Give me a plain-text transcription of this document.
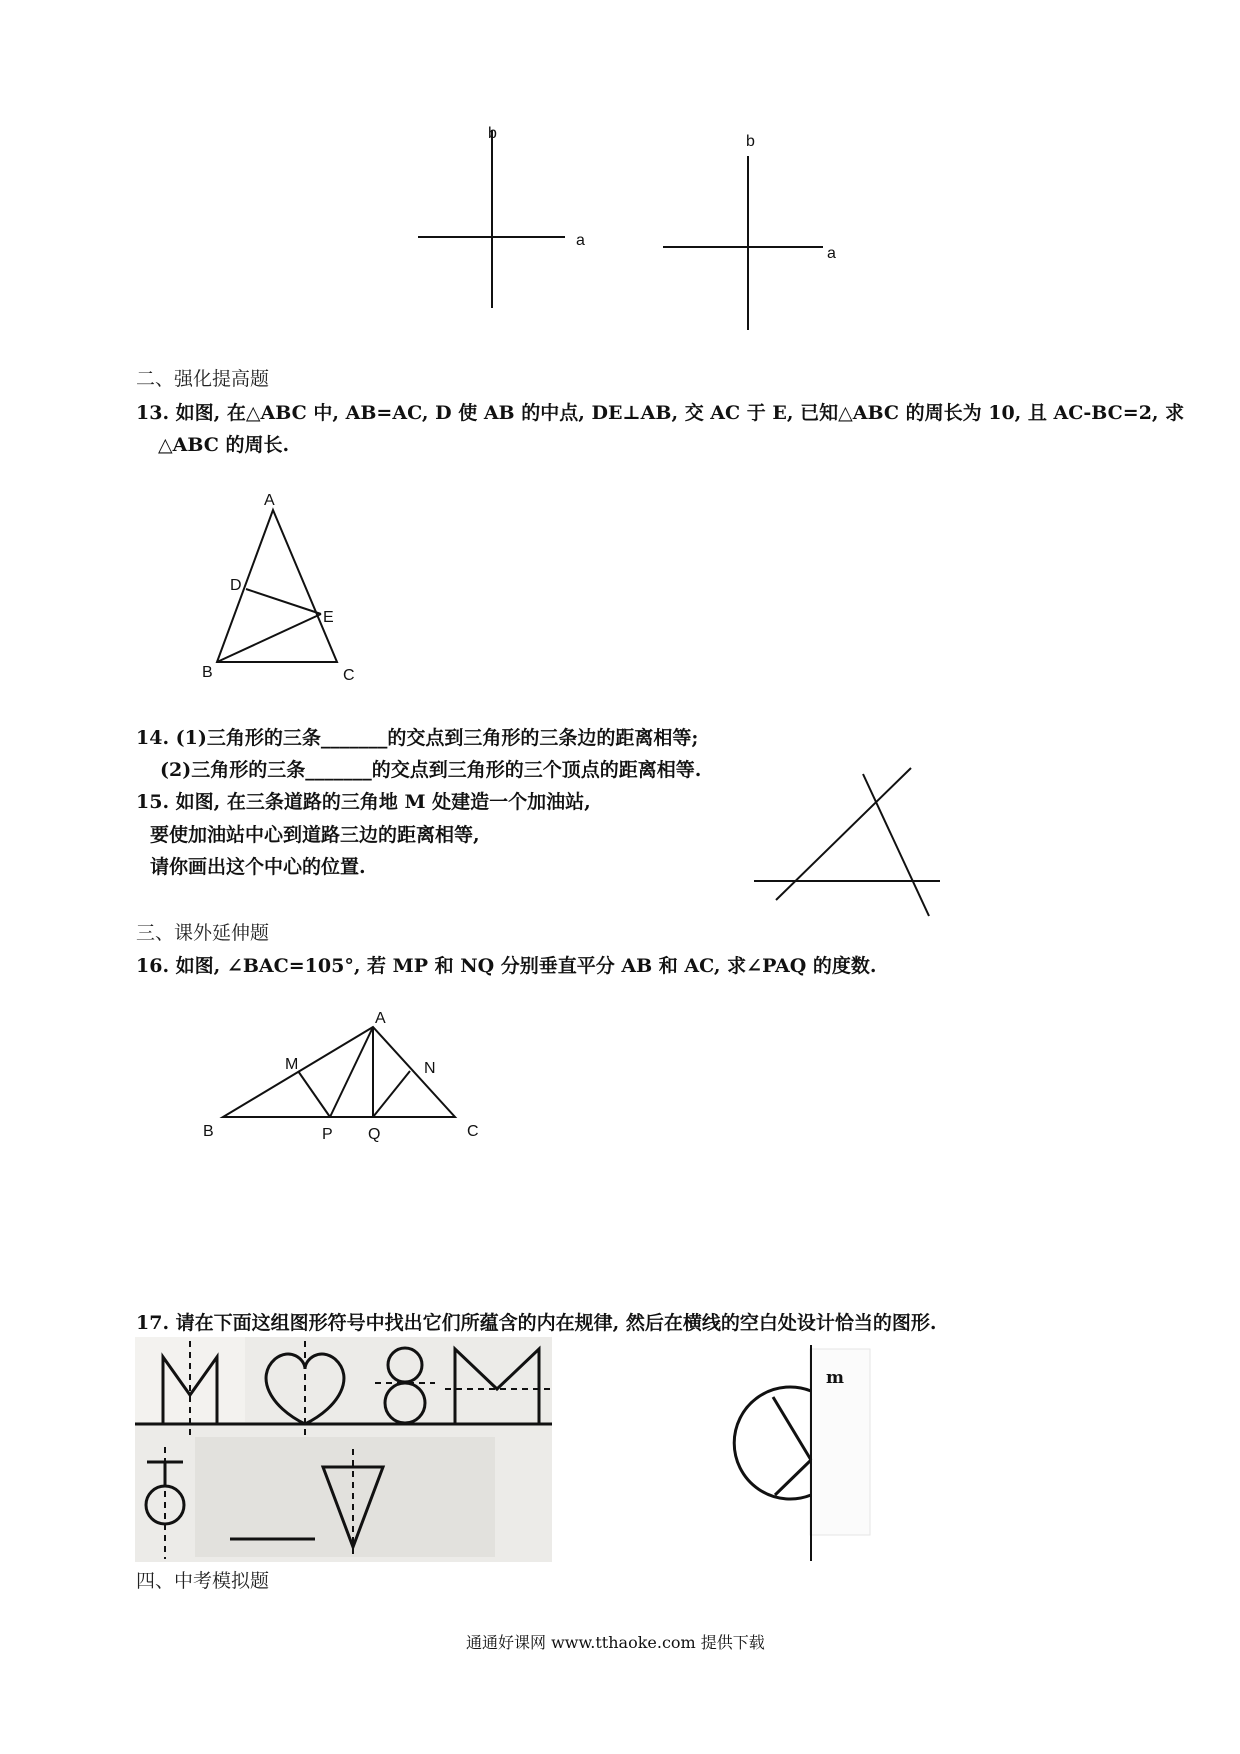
b
a
b
a
二、强化提高题
13. 如图, 在△ABC 中, AB=AC, D 使 AB 的中点, DE⊥AB, 交 AC 于 E, 已知△ABC 的周长为 10, 且 AC-BC=2, 求
△ABC 的周长.
A
D
E
B	C
14. (1)三角形的三条_______的交点到三角形的三条边的距离相等;
(2)三角形的三条_______的交点到三角形的三个顶点的距离相等.
15. 如图, 在三条道路的三角地 M 处建造一个加油站,
要使加油站中心到道路三边的距离相等,
请你画出这个中心的位置.
三、课外延伸题
16. 如图, ∠BAC=105°, 若 MP 和 NQ 分别垂直平分 AB 和 AC, 求∠PAQ 的度数.
A
M	N
B	P Q	C
17. 请在下面这组图形符号中找出它们所蕴含的内在规律, 然后在横线的空白处设计恰当的图形.
m
四、中考模拟题
通通好课网 www.tthaoke.com 提供下载
